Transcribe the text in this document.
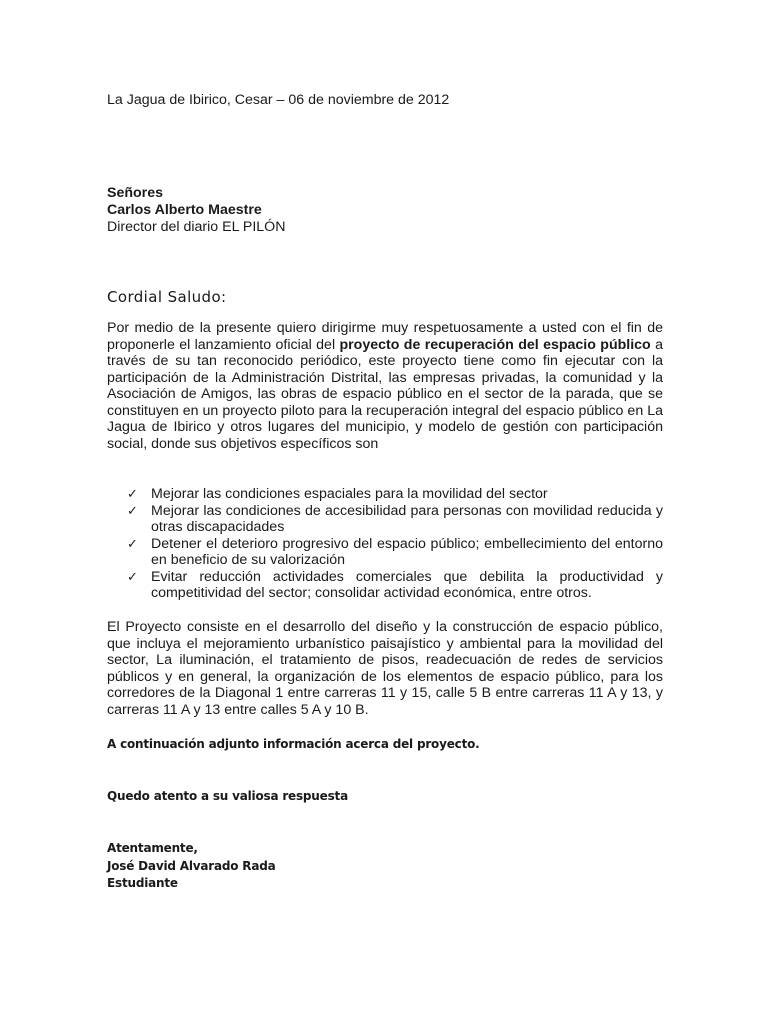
La Jagua de Ibirico, Cesar – 06 de noviembre de 2012

Señores
Carlos Alberto Maestre
Director del diario EL PILÓN
Cordial Saludo:

Por medio de la presente quiero dirigirme muy respetuosamente a usted con el fin de proponerle el lanzamiento oficial del proyecto de recuperación del espacio público a través de su tan reconocido periódico, este proyecto tiene como fin ejecutar con la participación de la Administración Distrital, las empresas privadas, la comunidad y la Asociación de Amigos, las obras de espacio público en el sector de la parada, que se constituyen en un proyecto piloto para la recuperación integral del espacio público en La Jagua de Ibirico y otros lugares del municipio, y modelo de gestión con participación social, donde sus objetivos específicos son

✓ Mejorar las condiciones espaciales para la movilidad del sector
✓ Mejorar las condiciones de accesibilidad para personas con movilidad reducida y otras discapacidades
✓ Detener el deterioro progresivo del espacio público; embellecimiento del entorno en beneficio de su valorización
✓ Evitar reducción actividades comerciales que debilita la productividad y competitividad del sector; consolidar actividad económica, entre otros.

El Proyecto consiste en el desarrollo del diseño y la construcción de espacio público, que incluya el mejoramiento urbanístico paisajístico y ambiental para la movilidad del sector, La iluminación, el tratamiento de pisos, readecuación de redes de servicios públicos y en general, la organización de los elementos de espacio público, para los corredores de la Diagonal 1 entre carreras 11 y 15, calle 5 B entre carreras 11 A y 13, y carreras 11 A y 13 entre calles 5 A y 10 B.

A continuación adjunto información acerca del proyecto.

Quedo atento a su valiosa respuesta

Atentamente,
José David Alvarado Rada
Estudiante
